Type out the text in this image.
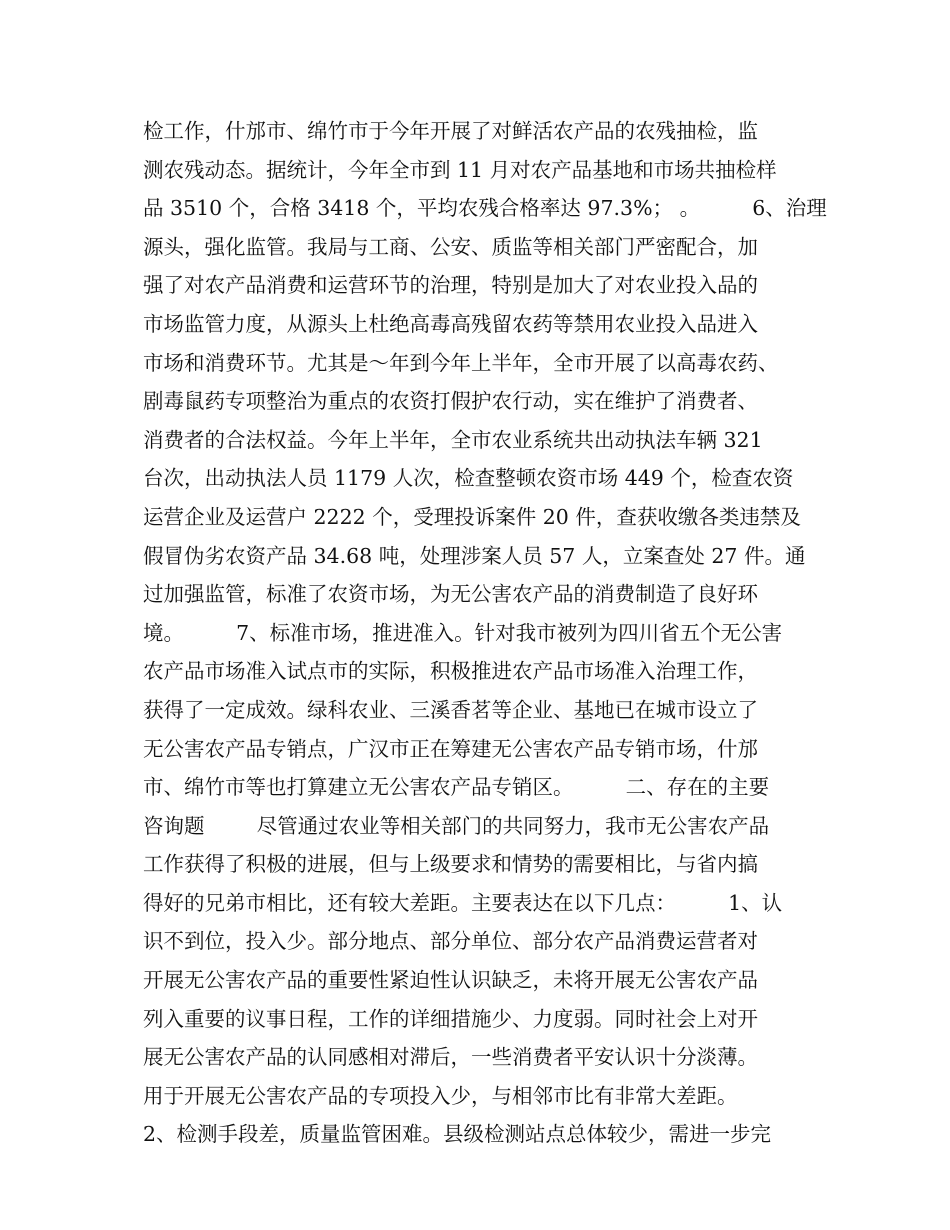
检工作，什邡市、绵竹市于今年开展了对鲜活农产品的农残抽检，监

测农残动态。据统计，今年全市到 11 月对农产品基地和市场共抽检样

品 3510 个，合格 3418 个，平均农残合格率达 97.3%； 。        6、治理

源头，强化监管。我局与工商、公安、质监等相关部门严密配合，加

强了对农产品消费和运营环节的治理，特别是加大了对农业投入品的

市场监管力度，从源头上杜绝高毒高残留农药等禁用农业投入品进入

市场和消费环节。尤其是～年到今年上半年，全市开展了以高毒农药、

剧毒鼠药专项整治为重点的农资打假护农行动，实在维护了消费者、

消费者的合法权益。今年上半年，全市农业系统共出动执法车辆 321

台次，出动执法人员 1179 人次，检查整顿农资市场 449 个，检查农资

运营企业及运营户 2222 个，受理投诉案件 20 件，查获收缴各类违禁及

假冒伪劣农资产品 34.68 吨，处理涉案人员 57 人，立案查处 27 件。通

过加强监管，标准了农资市场，为无公害农产品的消费制造了良好环

境。        7、标准市场，推进准入。针对我市被列为四川省五个无公害

农产品市场准入试点市的实际，积极推进农产品市场准入治理工作，

获得了一定成效。绿科农业、三溪香茗等企业、基地已在城市设立了

无公害农产品专销点，广汉市正在筹建无公害农产品专销市场，什邡

市、绵竹市等也打算建立无公害农产品专销区。        二、存在的主要

咨询题        尽管通过农业等相关部门的共同努力，我市无公害农产品

工作获得了积极的进展，但与上级要求和情势的需要相比，与省内搞

得好的兄弟市相比，还有较大差距。主要表达在以下几点：        1、认

识不到位，投入少。部分地点、部分单位、部分农产品消费运营者对

开展无公害农产品的重要性紧迫性认识缺乏，未将开展无公害农产品

列入重要的议事日程，工作的详细措施少、力度弱。同时社会上对开

展无公害农产品的认同感相对滞后，一些消费者平安认识十分淡薄。

用于开展无公害农产品的专项投入少，与相邻市比有非常大差距。

2、检测手段差，质量监管困难。县级检测站点总体较少，需进一步完
